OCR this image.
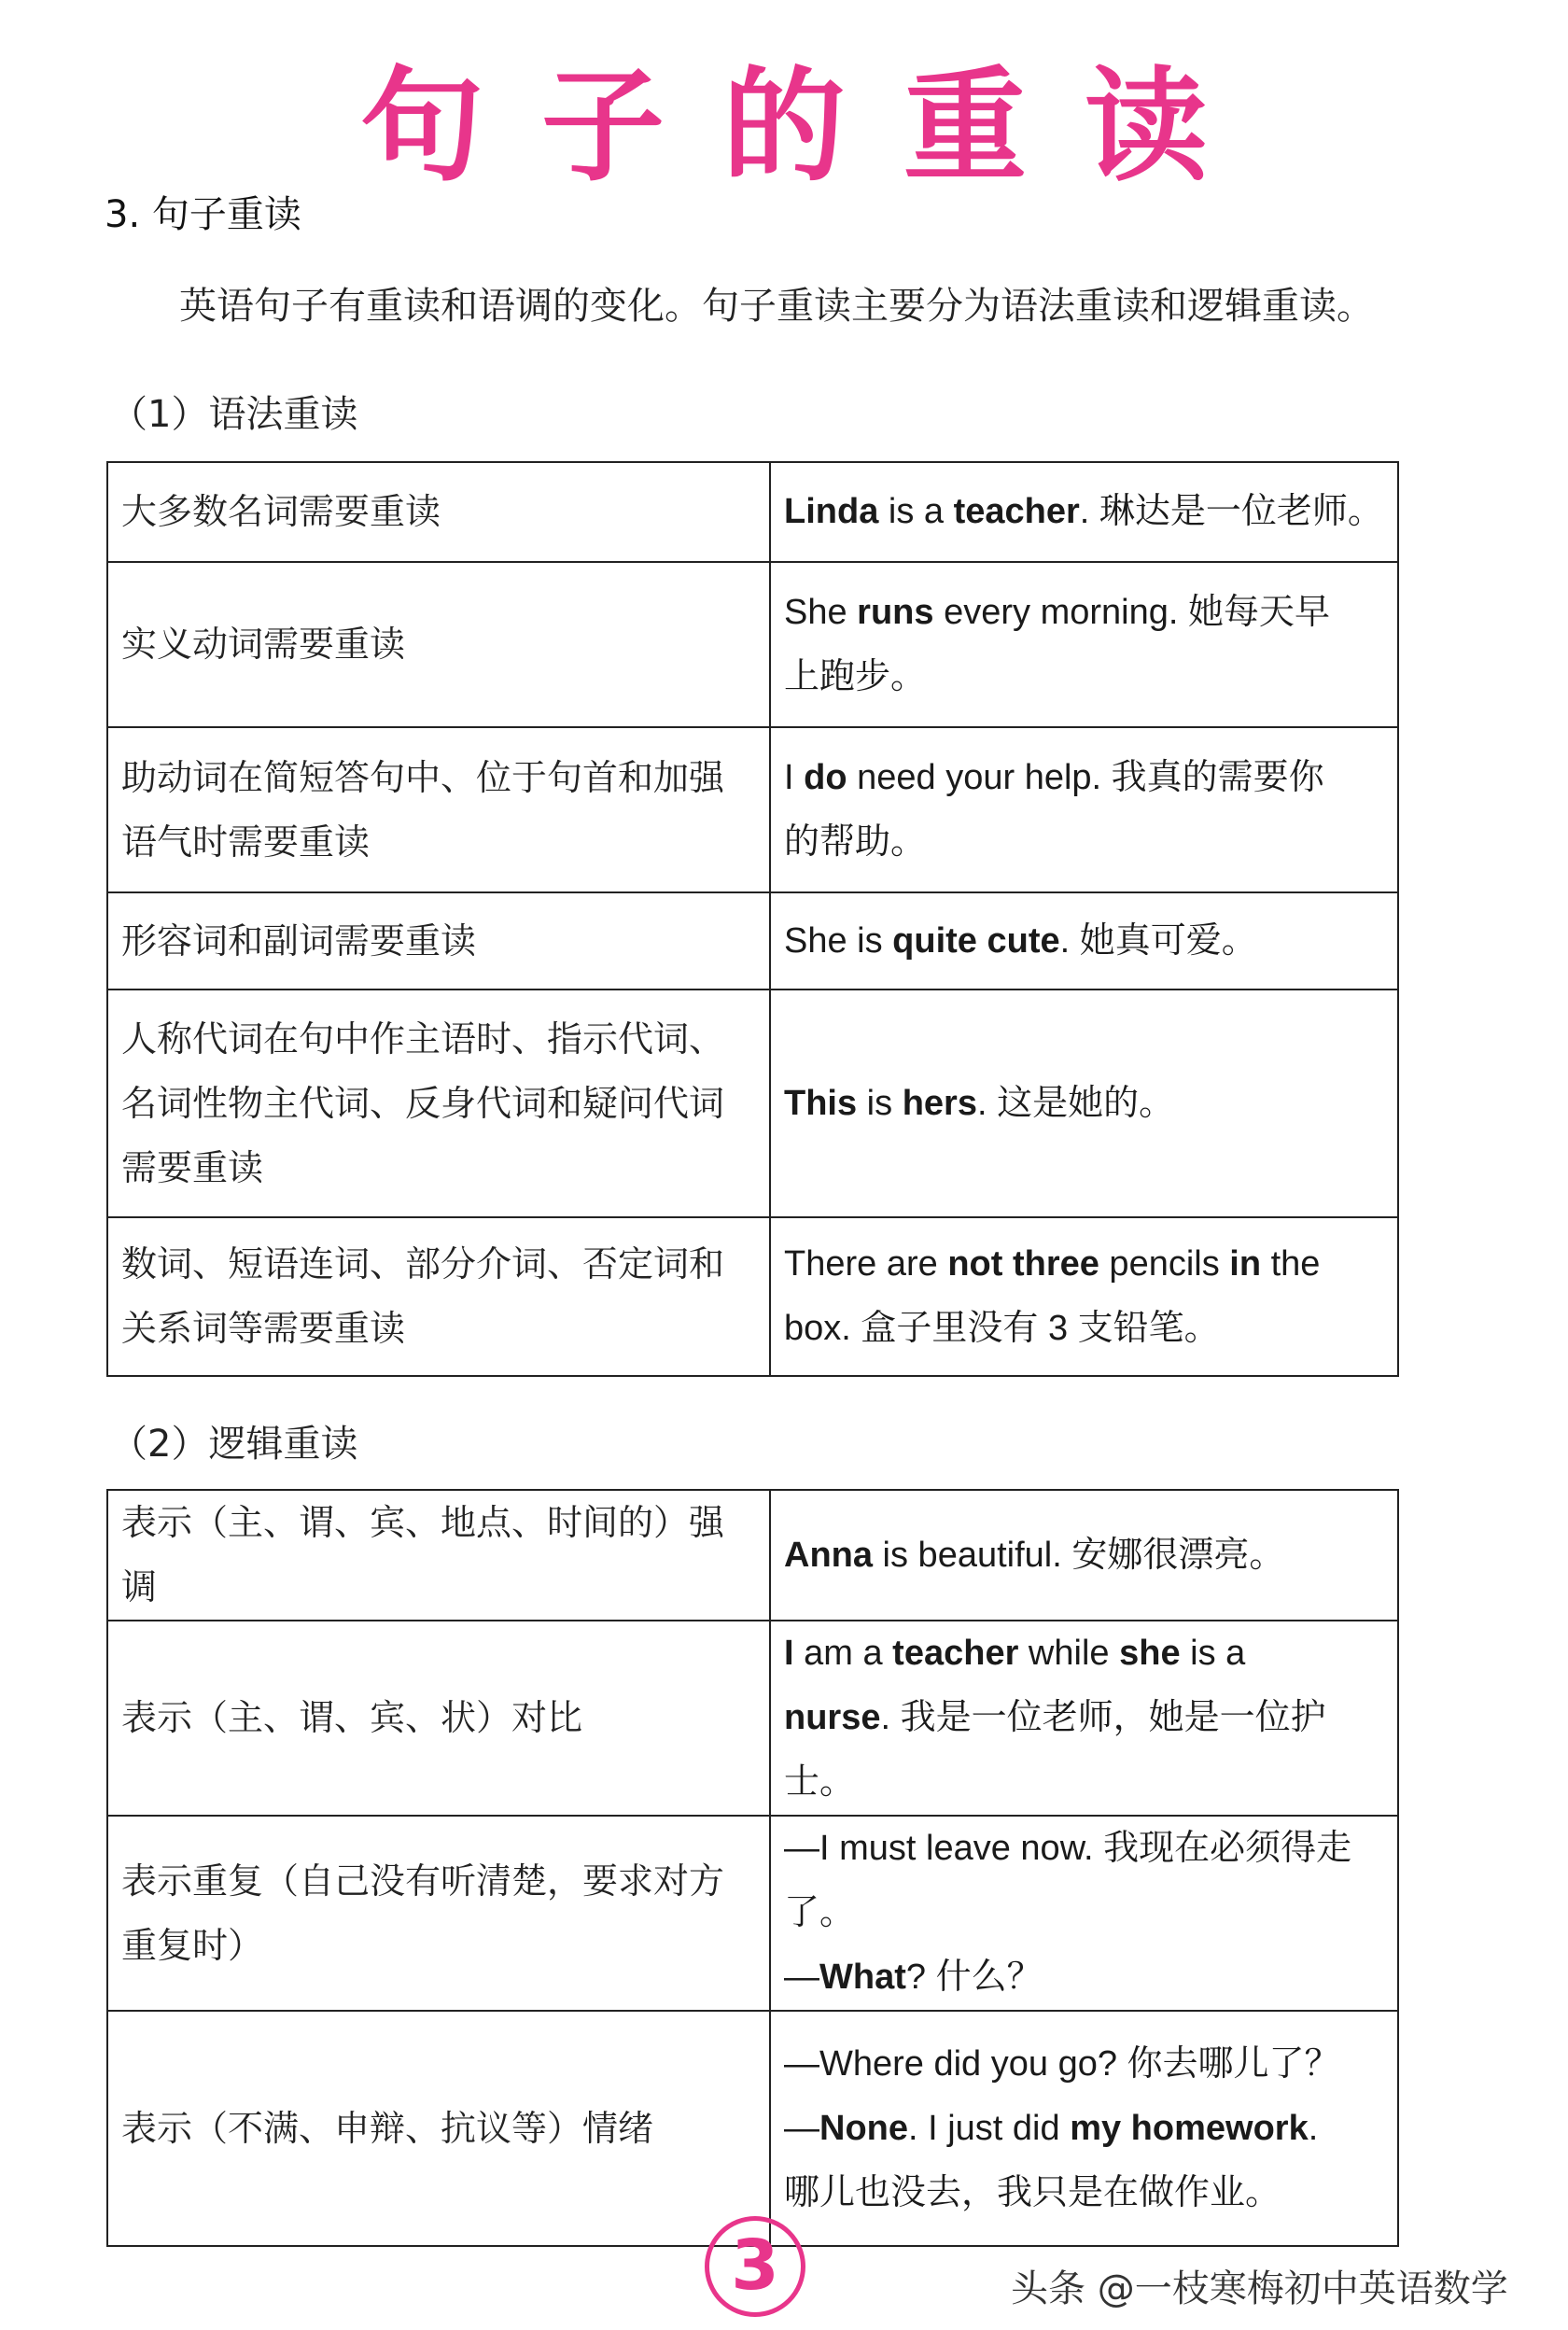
句子的重读
3. 句子重读
英语句子有重读和语调的变化。句子重读主要分为语法重读和逻辑重读。
（1）语法重读
大多数名词需要重读	Linda is a teacher. 琳达是一位老师。

实义动词需要重读	She runs every morning. 她每天早
上跑步。

助动词在简短答句中、位于句首和加强
语气时需要重读	I do need your help. 我真的需要你
的帮助。

形容词和副词需要重读	She is quite cute. 她真可爱。

人称代词在句中作主语时、指示代词、
名词性物主代词、反身代词和疑问代词
需要重读	This is hers. 这是她的。

数词、短语连词、部分介词、否定词和
关系词等需要重读	There are not three pencils in the
box. 盒子里没有 3 支铅笔。
（2）逻辑重读
表示（主、谓、宾、地点、时间的）强调	Anna is beautiful. 安娜很漂亮。

表示（主、谓、宾、状）对比	I am a teacher while she is a
nurse. 我是一位老师，她是一位护士。

表示重复（自己没有听清楚，要求对方
重复时）	—I must leave now. 我现在必须得走了。
—What? 什么？

表示（不满、申辩、抗议等）情绪	—Where did you go? 你去哪儿了？
—None. I just did my homework.
哪儿也没去，我只是在做作业。
3	头条 @一枝寒梅初中英语数学
